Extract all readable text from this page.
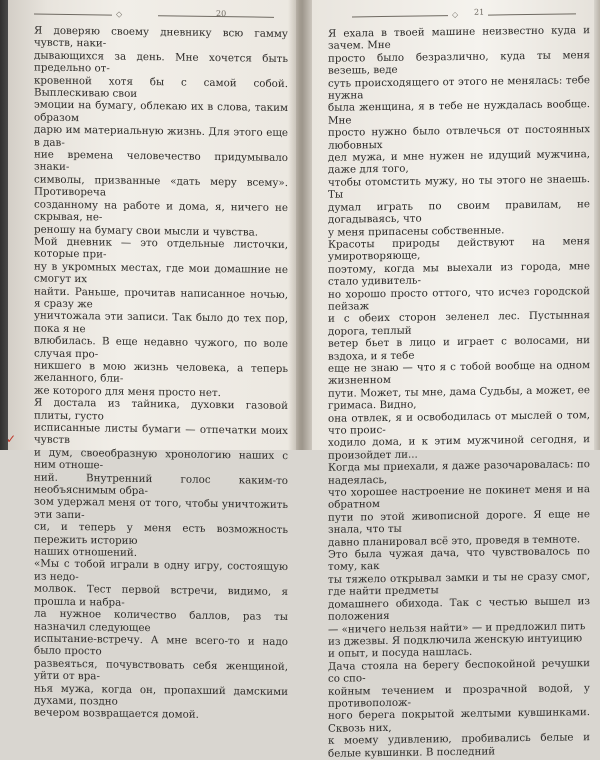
◇	20

Я доверяю своему дневнику всю гамму чувств, наки-

дывающихся за день. Мне хочется быть предельно от-

кровенной хотя бы с самой собой. Выплескиваю свои

эмоции на бумагу, облекаю их в слова, таким образом

дарю им материальную жизнь. Для этого еще в дав-

ние времена человечество придумывало знаки-

символы, призванные «дать меру всему». Противореча

созданному на работе и дома, я, ничего не скрывая, не-

реношу на бумагу свои мысли и чувства.

Мой дневник — это отдельные листочки, которые при-

ну в укромных местах, где мои домашние не смогут их

найти. Раньше, прочитав написанное ночью, я сразу же

уничтожала эти записи. Так было до тех пор, пока я не

влюбилась. В еще недавно чужого, по воле случая про-

никшего в мою жизнь человека, а теперь желанного, бли-

же которого для меня просто нет.

Я достала из тайника, духовки газовой плиты, густо

исписанные листы бумаги — отпечатки моих чувств

и дум, своеобразную хронологию наших с ним отноше-

ний. Внутренний голос каким-то необъяснимым обра-

зом удержал меня от того, чтобы уничтожить эти запи-

си, и теперь у меня есть возможность пережить историю

наших отношений.

«Мы с тобой играли в одну игру, состоящую из недо-

молвок. Тест первой встречи, видимо, я прошла и набра-

ла нужное количество баллов, раз ты назначил следующее

испытание-встречу. А мне всего-то и надо было просто

развеяться, почувствовать себя женщиной, уйти от вра-

нья мужа, когда он, пропахший дамскими духами, поздно

вечером возвращается домой.

◇ 21

Я ехала в твоей машине неизвестно куда и зачем. Мне

просто было безразлично, куда ты меня везешь, веде

суть происходящего от этого не менялась: тебе нужна

была женщина, я в тебе не нуждалась вообще. Мне

просто нужно было отвлечься от постоянных любовных

дел мужа, и мне нужен не идущий мужчина, даже для того,

чтобы отомстить мужу, но ты этого не знаешь. Ты

думал играть по своим правилам, не догадываясь, что

у меня припасены собственные.

Красоты природы действуют на меня умиротворяюще,

поэтому, когда мы выехали из города, мне стало удивитель-

но хорошо просто оттого, что исчез городской пейзаж

и с обеих сторон зеленел лес. Пустынная дорога, теплый

ветер бьет в лицо и играет с волосами, ни вздоха, и я тебе

еще не знаю — что я с тобой вообще на одном жизненном

пути. Может, ты мне, дама Судьбы, а может, ее гримаса. Видно,

она отвлек, я и освободилась от мыслей о том, что проис-

ходило дома, и к этим мужчиной сегодня, и произойдет ли...

Когда мы приехали, я даже разочаровалась: по надеялась,

что хорошее настроение не покинет меня и на обратном

пути по этой живописной дороге. Я еще не знала, что ты

давно планировал всё это, проведя в темноте.

Это была чужая дача, что чувствовалось по тому, как

ты тяжело открывал замки и ты не сразу смог, где найти предметы

домашнего обихода. Так с честью вышел из положения

— «ничего нельзя найти» — и предложил пить

из джезвы. Я подключила женскую интуицию

и опыт, и посуда нашлась.

Дача стояла на берегу беспокойной речушки со спо-

койным течением и прозрачной водой, у противополож-

ного берега покрытой желтыми кувшинками. Сквозь них,

к моему удивлению, пробивались белые и белые кувшинки. В последний

✓
